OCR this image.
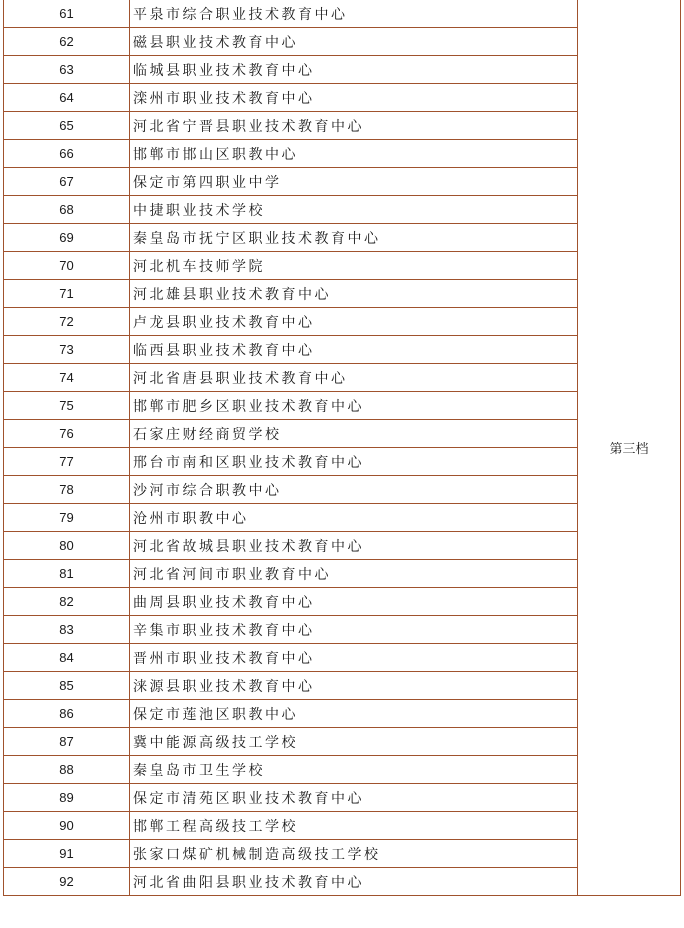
61	平泉市综合职业技术教育中心	第三档
62	磁县职业技术教育中心	
63	临城县职业技术教育中心	
64	滦州市职业技术教育中心	
65	河北省宁晋县职业技术教育中心	
66	邯郸市邯山区职教中心	
67	保定市第四职业中学	
68	中捷职业技术学校	
69	秦皇岛市抚宁区职业技术教育中心	
70	河北机车技师学院	
71	河北雄县职业技术教育中心	
72	卢龙县职业技术教育中心	
73	临西县职业技术教育中心	
74	河北省唐县职业技术教育中心	
75	邯郸市肥乡区职业技术教育中心	
76	石家庄财经商贸学校	
77	邢台市南和区职业技术教育中心	
78	沙河市综合职教中心	
79	沧州市职教中心	
80	河北省故城县职业技术教育中心	
81	河北省河间市职业教育中心	
82	曲周县职业技术教育中心	
83	辛集市职业技术教育中心	
84	晋州市职业技术教育中心	
85	涞源县职业技术教育中心	
86	保定市莲池区职教中心	
87	冀中能源高级技工学校	
88	秦皇岛市卫生学校	
89	保定市清苑区职业技术教育中心	
90	邯郸工程高级技工学校	
91	张家口煤矿机械制造高级技工学校	
92	河北省曲阳县职业技术教育中心	
